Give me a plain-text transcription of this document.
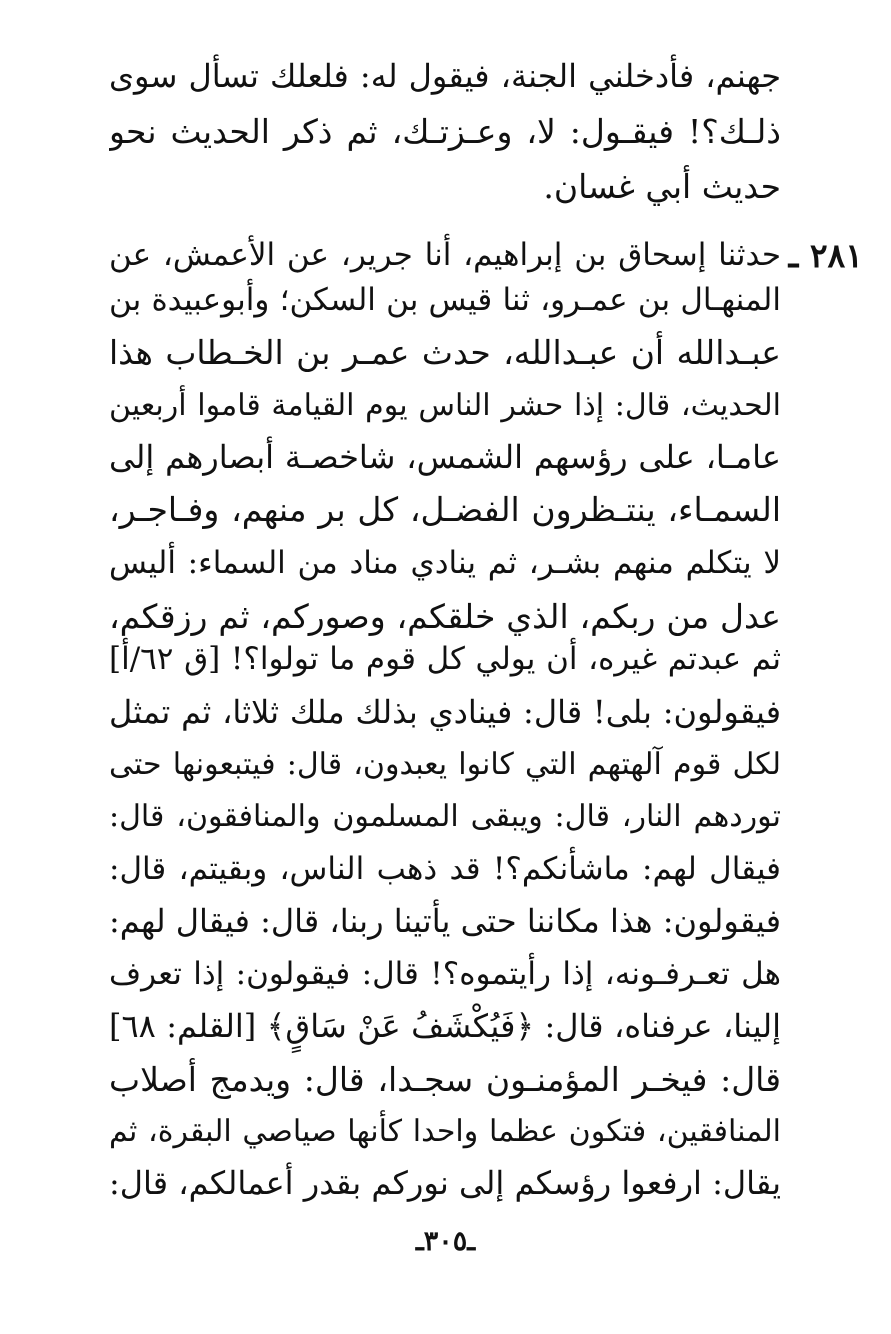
جهنم، فأدخلني الجنة، فيقول له: فلعلك تسأل سوى
ذلـك؟! فيقـول: لا، وعـزتـك، ثم ذكر الحديث نحو
حديث أبي غسان.
٢٨١ ـ
حدثنا إسحاق بن إبراهيم، أنا جرير، عن الأعمش، عن
المنهـال بن عمـرو، ثنا قيس بن السكن؛ وأبوعبيدة بن
عبـدالله أن عبـدالله، حدث عمـر بن الخـطاب هذا
الحديث، قال: إذا حشر الناس يوم القيامة قاموا أربعين
عامـا، على رؤسهم الشمس، شاخصـة أبصارهم إلى
السمـاء، ينتـظرون الفضـل، كل بر منهم، وفـاجـر،
لا يتكلم منهم بشـر، ثم ينادي مناد من السماء: أليس
عدل من ربكم، الذي خلقكم، وصوركم، ثم رزقكم،
ثم عبدتم غيره، أن يولي كل قوم ما تولوا؟! [ق ٦٢/أ]
فيقولون: بلى! قال: فينادي بذلك ملك ثلاثا، ثم تمثل
لكل قوم آلهتهم التي كانوا يعبدون، قال: فيتبعونها حتى
توردهم النار، قال: ويبقى المسلمون والمنافقون، قال:
فيقال لهم: ماشأنكم؟! قد ذهب الناس، وبقيتم، قال:
فيقولون: هذا مكاننا حتى يأتينا ربنا، قال: فيقال لهم:
هل تعـرفـونه، إذا رأيتموه؟! قال: فيقولون: إذا تعرف
إلينا، عرفناه، قال: ﴿فَيُكْشَفُ عَنْ سَاقٍ﴾ [القلم: ٦٨]
قال: فيخـر المؤمنـون سجـدا، قال: ويدمج أصلاب
المنافقين، فتكون عظما واحدا كأنها صياصي البقرة، ثم
يقال: ارفعوا رؤسكم إلى نوركم بقدر أعمالكم، قال:
ـ٣٠٥ـ
